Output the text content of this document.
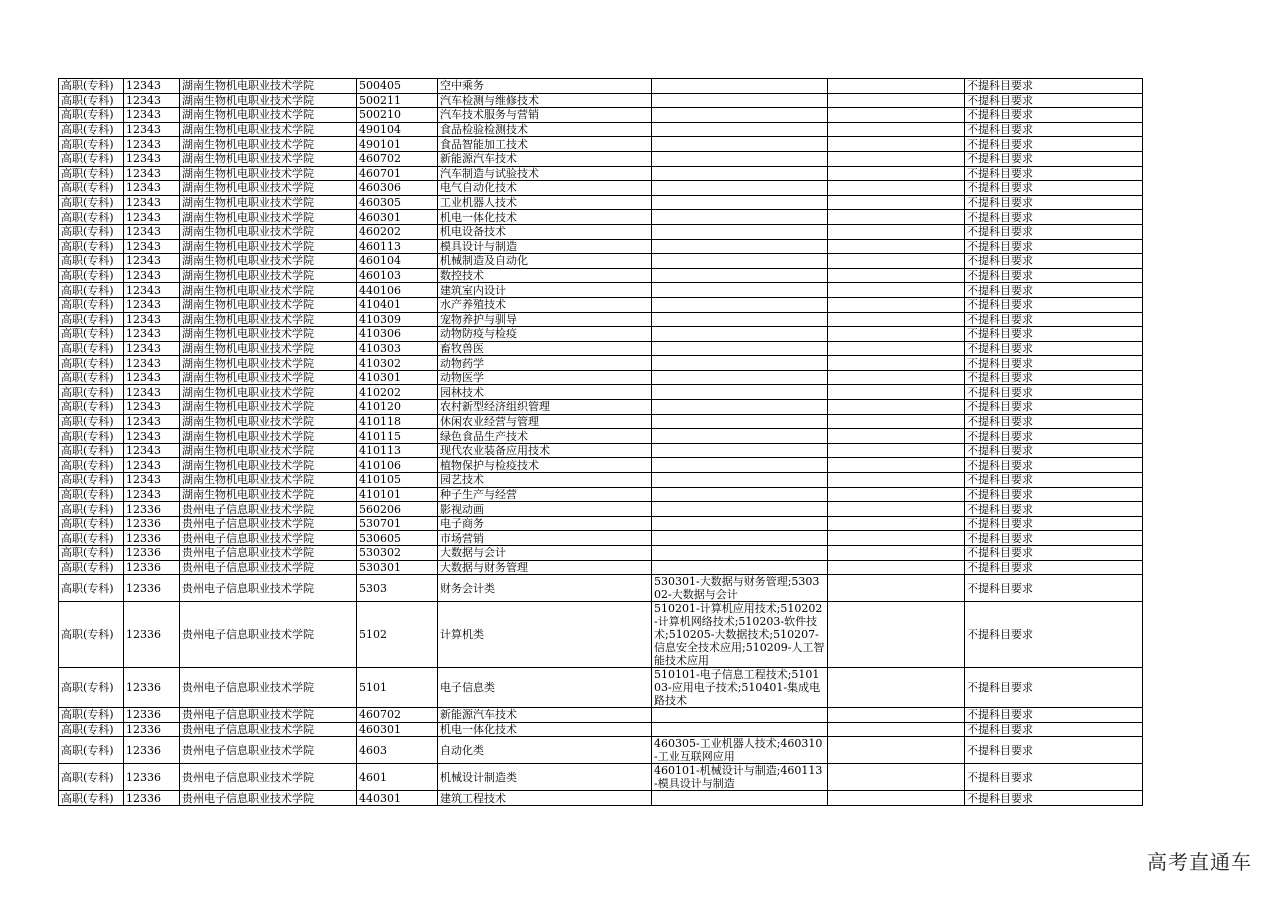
高职(专科)	12343	湖南生物机电职业技术学院	500405	空中乘务			不提科目要求
高职(专科)	12343	湖南生物机电职业技术学院	500211	汽车检测与维修技术			不提科目要求
高职(专科)	12343	湖南生物机电职业技术学院	500210	汽车技术服务与营销			不提科目要求
高职(专科)	12343	湖南生物机电职业技术学院	490104	食品检验检测技术			不提科目要求
高职(专科)	12343	湖南生物机电职业技术学院	490101	食品智能加工技术			不提科目要求
高职(专科)	12343	湖南生物机电职业技术学院	460702	新能源汽车技术			不提科目要求
高职(专科)	12343	湖南生物机电职业技术学院	460701	汽车制造与试验技术			不提科目要求
高职(专科)	12343	湖南生物机电职业技术学院	460306	电气自动化技术			不提科目要求
高职(专科)	12343	湖南生物机电职业技术学院	460305	工业机器人技术			不提科目要求
高职(专科)	12343	湖南生物机电职业技术学院	460301	机电一体化技术			不提科目要求
高职(专科)	12343	湖南生物机电职业技术学院	460202	机电设备技术			不提科目要求
高职(专科)	12343	湖南生物机电职业技术学院	460113	模具设计与制造			不提科目要求
高职(专科)	12343	湖南生物机电职业技术学院	460104	机械制造及自动化			不提科目要求
高职(专科)	12343	湖南生物机电职业技术学院	460103	数控技术			不提科目要求
高职(专科)	12343	湖南生物机电职业技术学院	440106	建筑室内设计			不提科目要求
高职(专科)	12343	湖南生物机电职业技术学院	410401	水产养殖技术			不提科目要求
高职(专科)	12343	湖南生物机电职业技术学院	410309	宠物养护与驯导			不提科目要求
高职(专科)	12343	湖南生物机电职业技术学院	410306	动物防疫与检疫			不提科目要求
高职(专科)	12343	湖南生物机电职业技术学院	410303	畜牧兽医			不提科目要求
高职(专科)	12343	湖南生物机电职业技术学院	410302	动物药学			不提科目要求
高职(专科)	12343	湖南生物机电职业技术学院	410301	动物医学			不提科目要求
高职(专科)	12343	湖南生物机电职业技术学院	410202	园林技术			不提科目要求
高职(专科)	12343	湖南生物机电职业技术学院	410120	农村新型经济组织管理			不提科目要求
高职(专科)	12343	湖南生物机电职业技术学院	410118	休闲农业经营与管理			不提科目要求
高职(专科)	12343	湖南生物机电职业技术学院	410115	绿色食品生产技术			不提科目要求
高职(专科)	12343	湖南生物机电职业技术学院	410113	现代农业装备应用技术			不提科目要求
高职(专科)	12343	湖南生物机电职业技术学院	410106	植物保护与检疫技术			不提科目要求
高职(专科)	12343	湖南生物机电职业技术学院	410105	园艺技术			不提科目要求
高职(专科)	12343	湖南生物机电职业技术学院	410101	种子生产与经营			不提科目要求
高职(专科)	12336	贵州电子信息职业技术学院	560206	影视动画			不提科目要求
高职(专科)	12336	贵州电子信息职业技术学院	530701	电子商务			不提科目要求
高职(专科)	12336	贵州电子信息职业技术学院	530605	市场营销			不提科目要求
高职(专科)	12336	贵州电子信息职业技术学院	530302	大数据与会计			不提科目要求
高职(专科)	12336	贵州电子信息职业技术学院	530301	大数据与财务管理			不提科目要求
高职(专科)	12336	贵州电子信息职业技术学院	5303	财务会计类	530301-大数据与财务管理;530302-大数据与会计		不提科目要求
高职(专科)	12336	贵州电子信息职业技术学院	5102	计算机类	510201-计算机应用技术;510202-计算机网络技术;510203-软件技术;510205-大数据技术;510207-信息安全技术应用;510209-人工智能技术应用		不提科目要求
高职(专科)	12336	贵州电子信息职业技术学院	5101	电子信息类	510101-电子信息工程技术;510103-应用电子技术;510401-集成电路技术		不提科目要求
高职(专科)	12336	贵州电子信息职业技术学院	460702	新能源汽车技术			不提科目要求
高职(专科)	12336	贵州电子信息职业技术学院	460301	机电一体化技术			不提科目要求
高职(专科)	12336	贵州电子信息职业技术学院	4603	自动化类	460305-工业机器人技术;460310-工业互联网应用		不提科目要求
高职(专科)	12336	贵州电子信息职业技术学院	4601	机械设计制造类	460101-机械设计与制造;460113-模具设计与制造		不提科目要求
高职(专科)	12336	贵州电子信息职业技术学院	440301	建筑工程技术			不提科目要求
高考直通车
